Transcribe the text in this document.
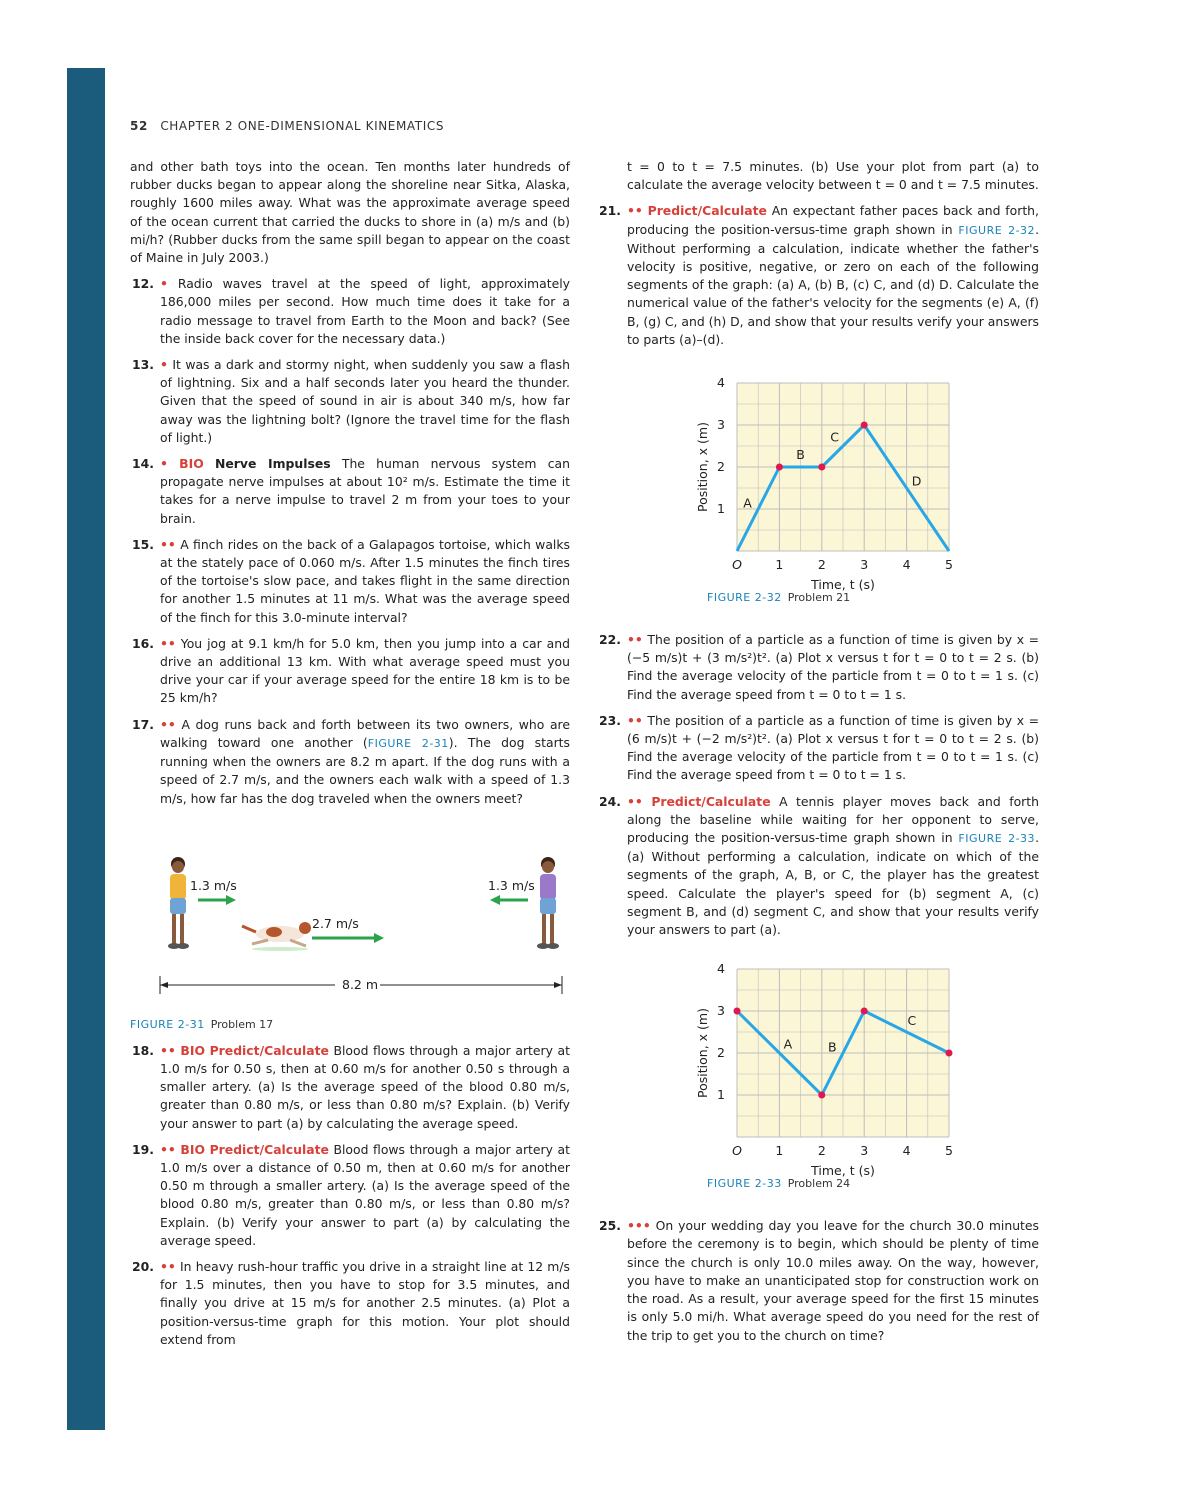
52 CHAPTER 2 ONE-DIMENSIONAL KINEMATICS
and other bath toys into the ocean. Ten months later hundreds of rubber ducks began to appear along the shoreline near Sitka, Alaska, roughly 1600 miles away. What was the approximate average speed of the ocean current that carried the ducks to shore in (a) m/s and (b) mi/h? (Rubber ducks from the same spill began to appear on the coast of Maine in July 2003.)
12. • Radio waves travel at the speed of light, approximately 186,000 miles per second. How much time does it take for a radio message to travel from Earth to the Moon and back? (See the inside back cover for the necessary data.)
13. • It was a dark and stormy night, when suddenly you saw a flash of lightning. Six and a half seconds later you heard the thunder. Given that the speed of sound in air is about 340 m/s, how far away was the lightning bolt? (Ignore the travel time for the flash of light.)
14. • BIO Nerve Impulses The human nervous system can propagate nerve impulses at about 10² m/s. Estimate the time it takes for a nerve impulse to travel 2 m from your toes to your brain.
15. •• A finch rides on the back of a Galapagos tortoise, which walks at the stately pace of 0.060 m/s. After 1.5 minutes the finch tires of the tortoise's slow pace, and takes flight in the same direction for another 1.5 minutes at 11 m/s. What was the average speed of the finch for this 3.0-minute interval?
16. •• You jog at 9.1 km/h for 5.0 km, then you jump into a car and drive an additional 13 km. With what average speed must you drive your car if your average speed for the entire 18 km is to be 25 km/h?
17. •• A dog runs back and forth between its two owners, who are walking toward one another (FIGURE 2-31). The dog starts running when the owners are 8.2 m apart. If the dog runs with a speed of 2.7 m/s, and the owners each walk with a speed of 1.3 m/s, how far has the dog traveled when the owners meet?
1.3 m/s	1.3 m/s
2.7 m/s
8.2 m
FIGURE 2-31 Problem 17
18. •• BIO Predict/Calculate Blood flows through a major artery at 1.0 m/s for 0.50 s, then at 0.60 m/s for another 0.50 s through a smaller artery. (a) Is the average speed of the blood 0.80 m/s, greater than 0.80 m/s, or less than 0.80 m/s? Explain. (b) Verify your answer to part (a) by calculating the average speed.
19. •• BIO Predict/Calculate Blood flows through a major artery at 1.0 m/s over a distance of 0.50 m, then at 0.60 m/s for another 0.50 m through a smaller artery. (a) Is the average speed of the blood 0.80 m/s, greater than 0.80 m/s, or less than 0.80 m/s? Explain. (b) Verify your answer to part (a) by calculating the average speed.
20. •• In heavy rush-hour traffic you drive in a straight line at 12 m/s for 1.5 minutes, then you have to stop for 3.5 minutes, and finally you drive at 15 m/s for another 2.5 minutes. (a) Plot a position-versus-time graph for this motion. Your plot should extend from
t = 0 to t = 7.5 minutes. (b) Use your plot from part (a) to calculate the average velocity between t = 0 and t = 7.5 minutes.
21. •• Predict/Calculate An expectant father paces back and forth, producing the position-versus-time graph shown in FIGURE 2-32. Without performing a calculation, indicate whether the father's velocity is positive, negative, or zero on each of the following segments of the graph: (a) A, (b) B, (c) C, and (d) D. Calculate the numerical value of the father's velocity for the segments (e) A, (f) B, (g) C, and (h) D, and show that your results verify your answers to parts (a)–(d).
O	1	2	3	4	5
1
2
3
4
Time, t (s)
Position, x (m)	A
B
C
D
FIGURE 2-32 Problem 21
22. •• The position of a particle as a function of time is given by x = (−5 m/s)t + (3 m/s²)t². (a) Plot x versus t for t = 0 to t = 2 s. (b) Find the average velocity of the particle from t = 0 to t = 1 s. (c) Find the average speed from t = 0 to t = 1 s.
23. •• The position of a particle as a function of time is given by x = (6 m/s)t + (−2 m/s²)t². (a) Plot x versus t for t = 0 to t = 2 s. (b) Find the average velocity of the particle from t = 0 to t = 1 s. (c) Find the average speed from t = 0 to t = 1 s.
24. •• Predict/Calculate A tennis player moves back and forth along the baseline while waiting for her opponent to serve, producing the position-versus-time graph shown in FIGURE 2-33. (a) Without performing a calculation, indicate on which of the segments of the graph, A, B, or C, the player has the greatest speed. Calculate the player's speed for (b) segment A, (c) segment B, and (d) segment C, and show that your results verify your answers to part (a).
O	1	2	3	4	5
1
2
3
4
Time, t (s)
Position, x (m)	A	B
C
FIGURE 2-33 Problem 24
25. ••• On your wedding day you leave for the church 30.0 minutes before the ceremony is to begin, which should be plenty of time since the church is only 10.0 miles away. On the way, however, you have to make an unanticipated stop for construction work on the road. As a result, your average speed for the first 15 minutes is only 5.0 mi/h. What average speed do you need for the rest of the trip to get you to the church on time?
